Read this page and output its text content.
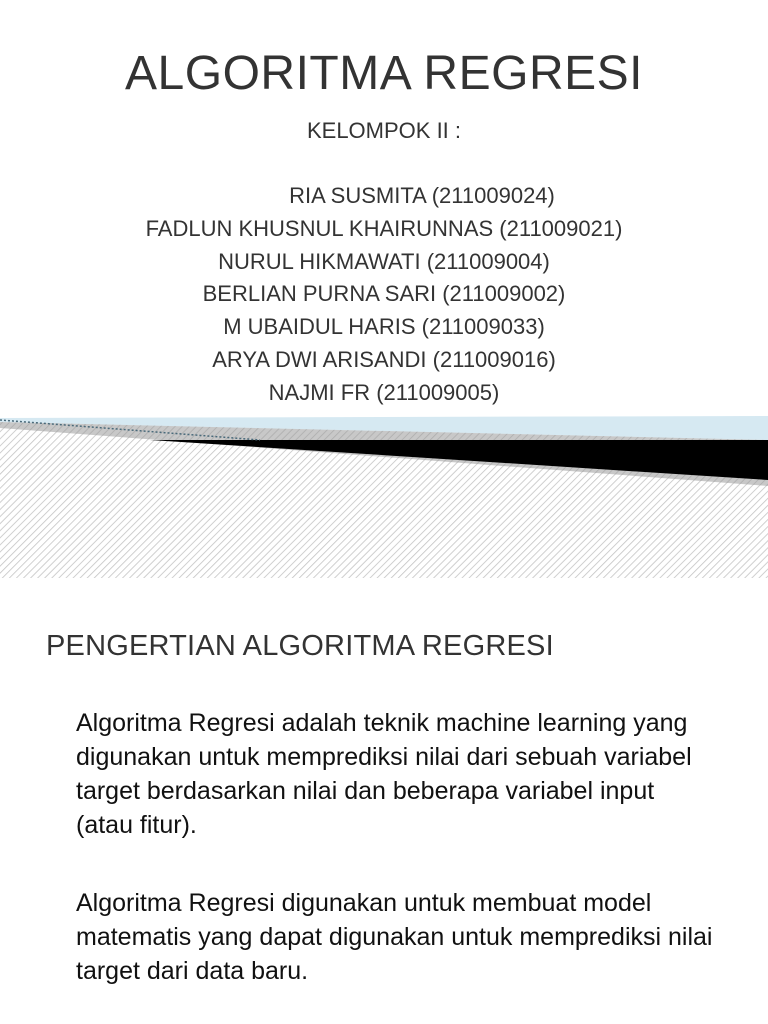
ALGORITMA REGRESI
KELOMPOK II :
RIA SUSMITA (211009024)
FADLUN KHUSNUL KHAIRUNNAS (211009021)
NURUL HIKMAWATI (211009004)
BERLIAN PURNA SARI (211009002)
M UBAIDUL HARIS (211009033)
ARYA DWI ARISANDI (211009016)
NAJMI FR (211009005)
PENGERTIAN ALGORITMA REGRESI

Algoritma Regresi adalah teknik machine learning yang digunakan untuk memprediksi nilai dari sebuah variabel target berdasarkan nilai dan beberapa variabel input (atau fitur).

Algoritma Regresi digunakan untuk membuat model matematis yang dapat digunakan untuk memprediksi nilai target dari data baru.
